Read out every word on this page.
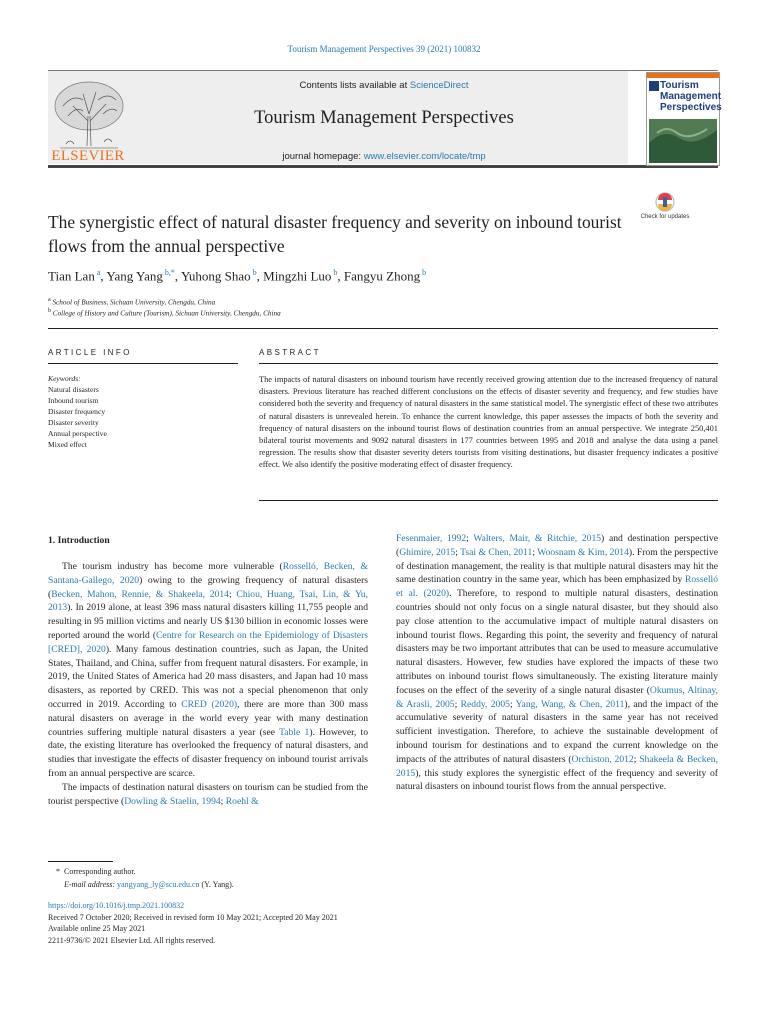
Tourism Management Perspectives 39 (2021) 100832
ELSEVIER
Contents lists available at ScienceDirect
Tourism Management Perspectives
journal homepage: www.elsevier.com/locate/tmp
Tourism Management Perspectives
The synergistic effect of natural disaster frequency and severity on inbound tourist flows from the annual perspective
Check for updates
Tian Lan $^a$, Yang Yang $^{b,*}$, Yuhong Shao $^b$, Mingzhi Luo $^b$, Fangyu Zhong $^b$
$^a$ School of Business, Sichuan University, Chengdu, China
$^b$ College of History and Culture (Tourism), Sichuan University, Chengdu, China
ARTICLE INFO	ABSTRACT
Keywords:
Natural disasters
Inbound tourism
Disaster frequency
Disaster severity
Annual perspective
Mixed effect
The impacts of natural disasters on inbound tourism have recently received growing attention due to the increased frequency of natural disasters. Previous literature has reached different conclusions on the effects of disaster severity and frequency, and few studies have considered both the severity and frequency of natural disasters in the same statistical model. The synergistic effect of these two attributes of natural disasters is unrevealed herein. To enhance the current knowledge, this paper assesses the impacts of both the severity and frequency of natural disasters on the inbound tourist flows of destination countries from an annual perspective. We integrate 250,401 bilateral tourist movements and 9092 natural disasters in 177 countries between 1995 and 2018 and analyse the data using a panel regression. The results show that disaster severity deters tourists from visiting destinations, but disaster frequency indicates a positive effect. We also identify the positive moderating effect of disaster frequency.
1. Introduction

The tourism industry has become more vulnerable (Rosselló, Becken, & Santana-Gallego, 2020) owing to the growing frequency of natural disasters (Becken, Mahon, Rennie, & Shakeela, 2014; Chiou, Huang, Tsai, Lin, & Yu, 2013). In 2019 alone, at least 396 mass natural disasters killing 11,755 people and resulting in 95 million victims and nearly US $130 billion in economic losses were reported around the world (Centre for Research on the Epidemiology of Disasters [CRED], 2020). Many famous destination countries, such as Japan, the United States, Thailand, and China, suffer from frequent natural disasters. For example, in 2019, the United States of America had 20 mass disasters, and Japan had 10 mass disasters, as reported by CRED. This was not a special phenomenon that only occurred in 2019. According to CRED (2020), there are more than 300 mass natural disasters on average in the world every year with many destination countries suffering multiple natural disasters a year (see Table 1). However, to date, the existing literature has overlooked the frequency of natural disasters, and studies that investigate the effects of disaster frequency on inbound tourist arrivals from an annual perspective are scarce.

The impacts of destination natural disasters on tourism can be studied from the tourist perspective (Dowling & Staelin, 1994; Roehl &

Fesenmaier, 1992; Walters, Mair, & Ritchie, 2015) and destination perspective (Ghimire, 2015; Tsai & Chen, 2011; Woosnam & Kim, 2014). From the perspective of destination management, the reality is that multiple natural disasters may hit the same destination country in the same year, which has been emphasized by Rosselló et al. (2020). Therefore, to respond to multiple natural disasters, destination countries should not only focus on a single natural disaster, but they should also pay close attention to the accumulative impact of multiple natural disasters on inbound tourist flows. Regarding this point, the severity and frequency of natural disasters may be two important attributes that can be used to measure accumulative natural disasters. However, few studies have explored the impacts of these two attributes on inbound tourist flows simultaneously. The existing literature mainly focuses on the effect of the severity of a single natural disaster (Okumus, Altinay, & Arasli, 2005; Reddy, 2005; Yang, Wang, & Chen, 2011), and the impact of the accumulative severity of natural disasters in the same year has not received sufficient investigation. Therefore, to achieve the sustainable development of inbound tourism for destinations and to expand the current knowledge on the impacts of the attributes of natural disasters (Orchiston, 2012; Shakeela & Becken, 2015), this study explores the synergistic effect of the frequency and severity of natural disasters on inbound tourist flows from the annual perspective.

* Corresponding author.
E-mail address: yangyang_ly@scu.edu.cn (Y. Yang).
https://doi.org/10.1016/j.tmp.2021.100832
Received 7 October 2020; Received in revised form 10 May 2021; Accepted 20 May 2021
Available online 25 May 2021
2211-9736/© 2021 Elsevier Ltd. All rights reserved.
